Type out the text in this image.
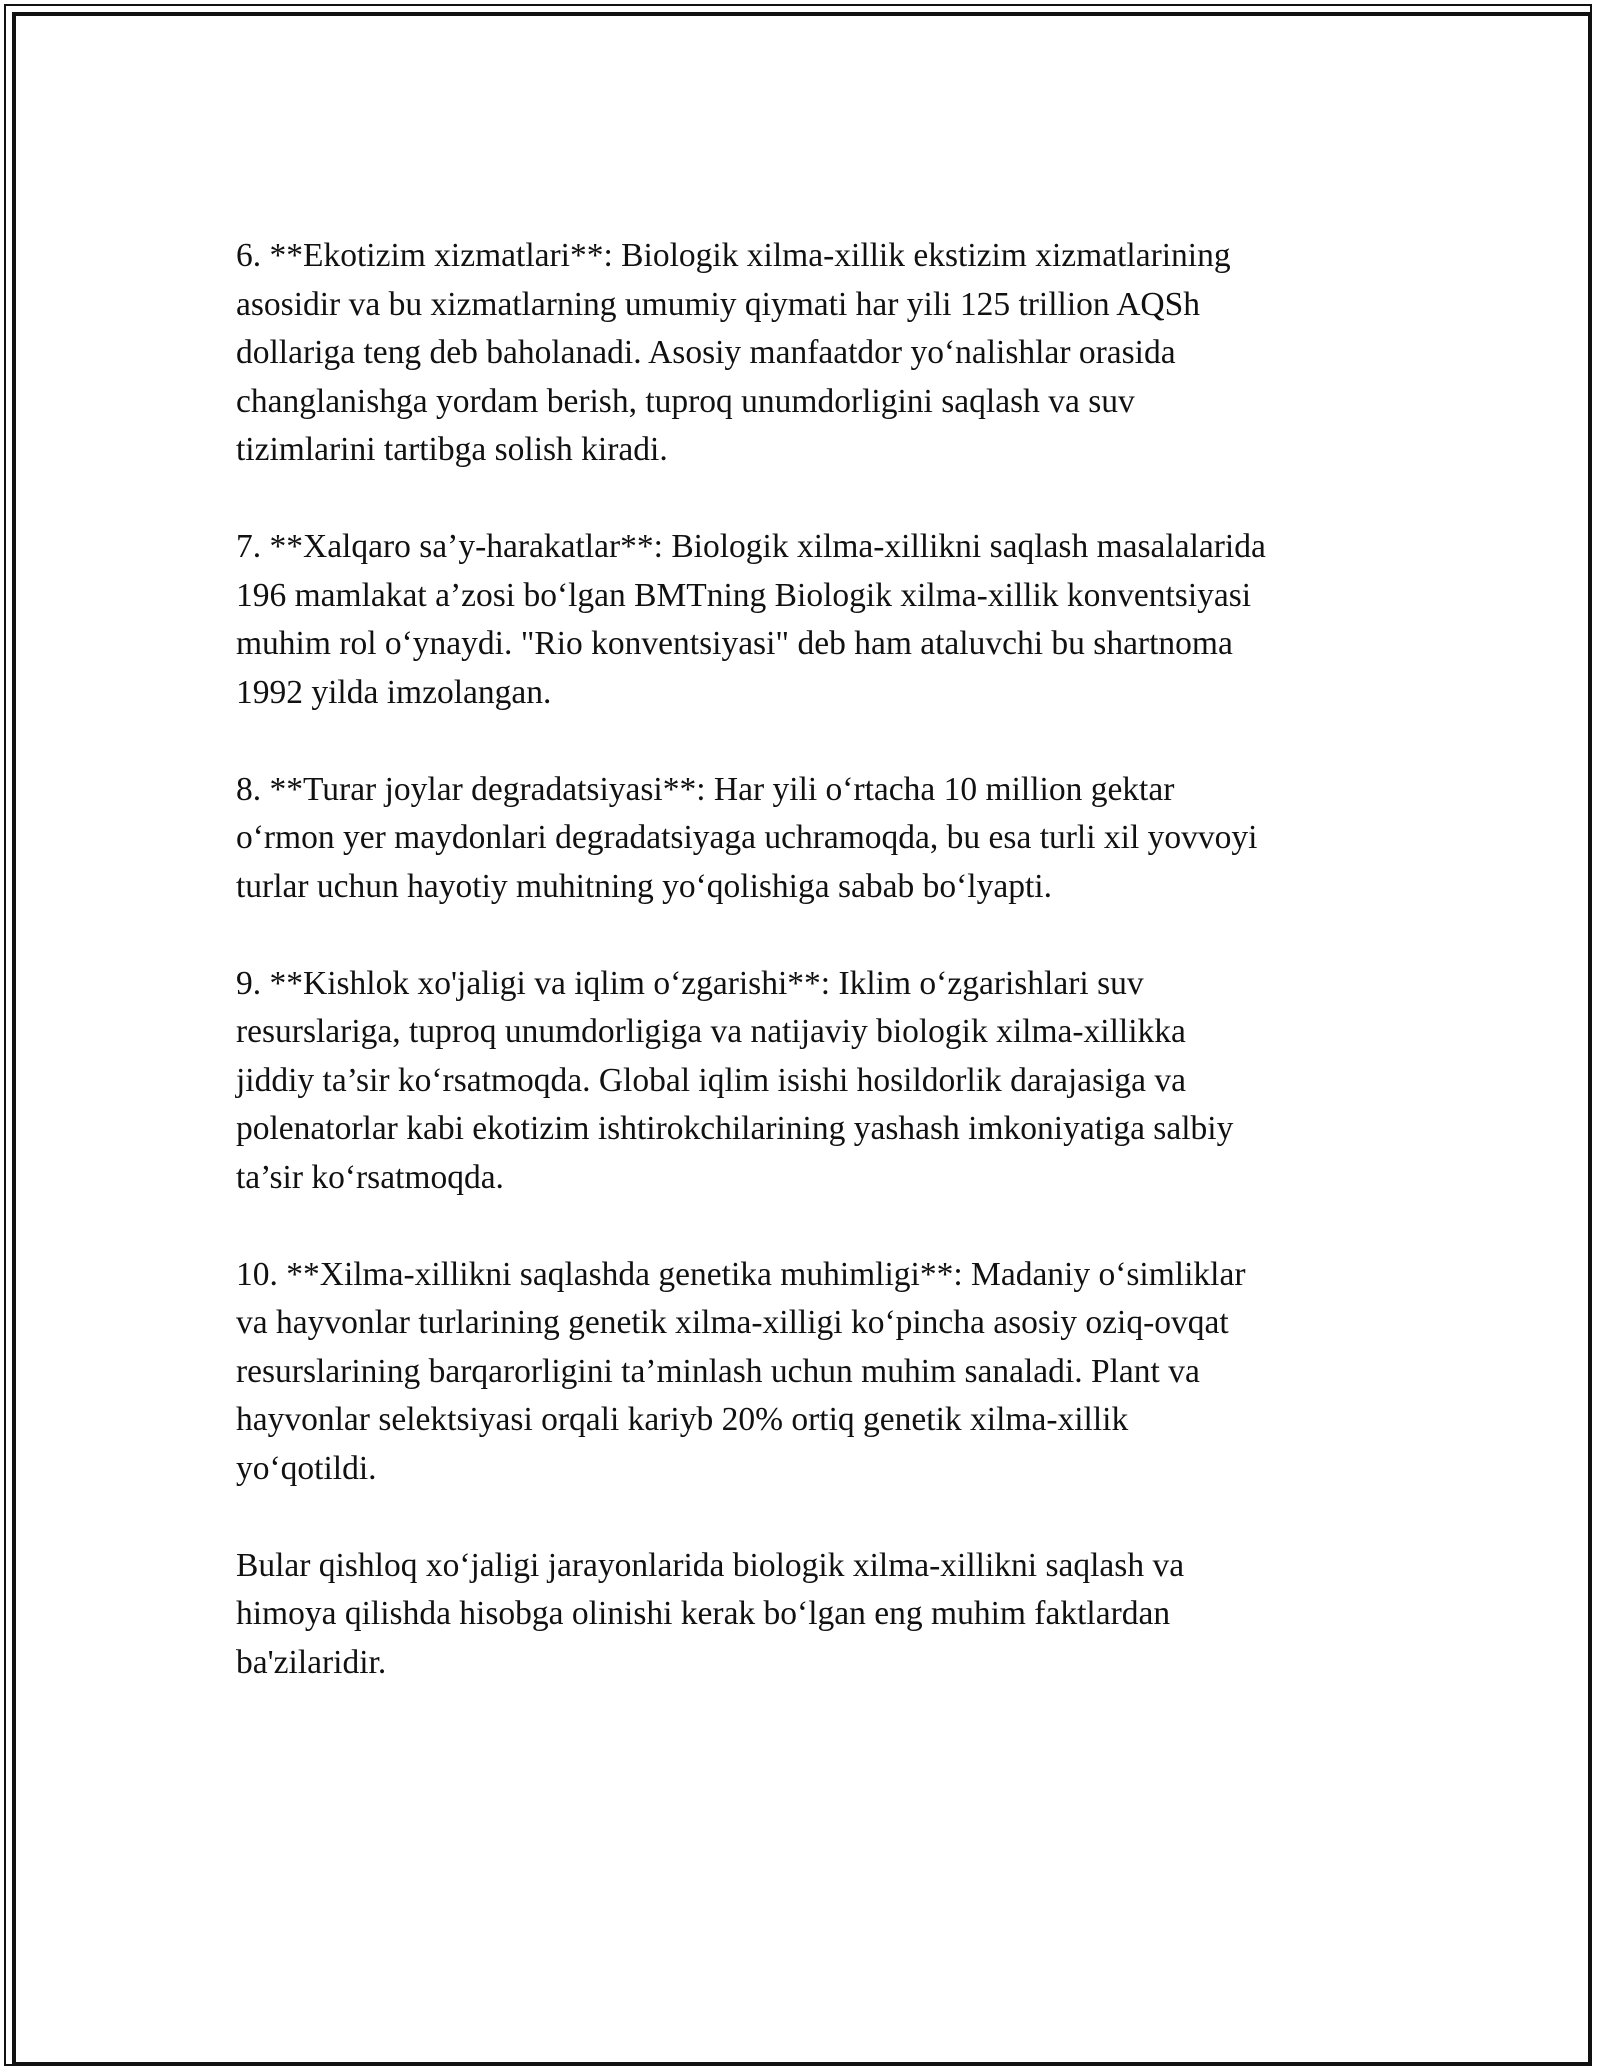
6. **Ekotizim xizmatlari**: Biologik xilma-xillik ekstizim xizmatlarining
asosidir va bu xizmatlarning umumiy qiymati har yili 125 trillion AQSh
dollariga teng deb baholanadi. Asosiy manfaatdor yo‘nalishlar orasida
changlanishga yordam berish, tuproq unumdorligini saqlash va suv
tizimlarini tartibga solish kiradi.

7. **Xalqaro sa’y-harakatlar**: Biologik xilma-xillikni saqlash masalalarida
196 mamlakat a’zosi bo‘lgan BMTning Biologik xilma-xillik konventsiyasi
muhim rol o‘ynaydi. "Rio konventsiyasi" deb ham ataluvchi bu shartnoma
1992 yilda imzolangan.

8. **Turar joylar degradatsiyasi**: Har yili o‘rtacha 10 million gektar
o‘rmon yer maydonlari degradatsiyaga uchramoqda, bu esa turli xil yovvoyi
turlar uchun hayotiy muhitning yo‘qolishiga sabab bo‘lyapti.

9. **Kishlok xo'jaligi va iqlim o‘zgarishi**: Iklim o‘zgarishlari suv
resurslariga, tuproq unumdorligiga va natijaviy biologik xilma-xillikka
jiddiy ta’sir ko‘rsatmoqda. Global iqlim isishi hosildorlik darajasiga va
polenatorlar kabi ekotizim ishtirokchilarining yashash imkoniyatiga salbiy
ta’sir ko‘rsatmoqda.

10. **Xilma-xillikni saqlashda genetika muhimligi**: Madaniy o‘simliklar
va hayvonlar turlarining genetik xilma-xilligi ko‘pincha asosiy oziq-ovqat
resurslarining barqarorligini ta’minlash uchun muhim sanaladi. Plant va
hayvonlar selektsiyasi orqali kariyb 20% ortiq genetik xilma-xillik
yo‘qotildi.

Bular qishloq xo‘jaligi jarayonlarida biologik xilma-xillikni saqlash va
himoya qilishda hisobga olinishi kerak bo‘lgan eng muhim faktlardan
ba'zilaridir.
